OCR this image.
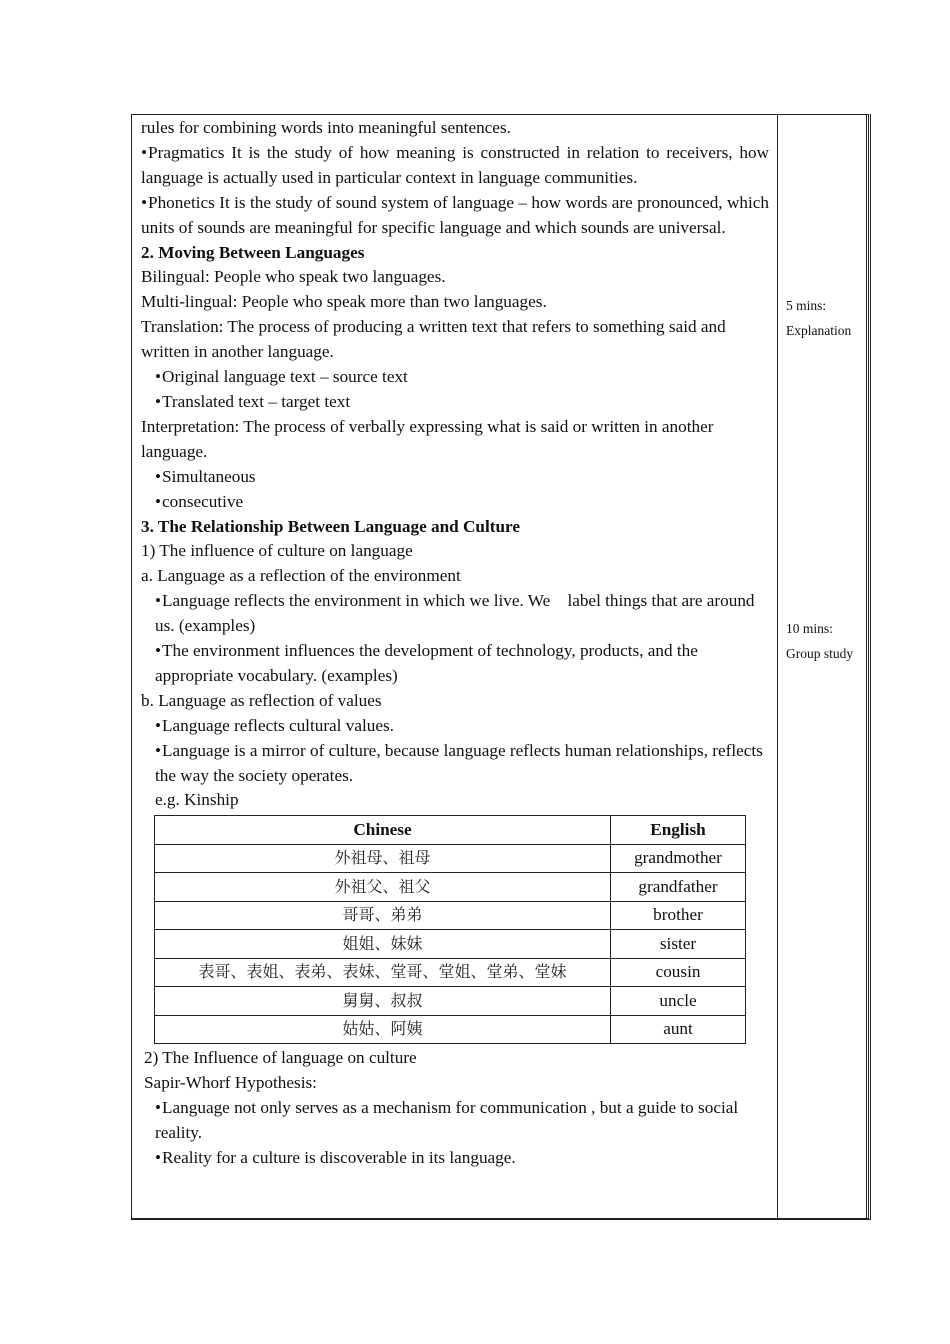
rules for combining words into meaningful sentences.

• Pragmatics It is the study of how meaning is constructed in relation to receivers, how language is actually used in particular context in language communities.

• Phonetics It is the study of sound system of language – how words are pronounced, which units of sounds are meaningful for specific language and which sounds are universal.

2. Moving Between Languages

Bilingual: People who speak two languages.

Multi-lingual: People who speak more than two languages.

Translation: The process of producing a written text that refers to something said and written in another language.

• Original language text – source text

• Translated text – target text

Interpretation: The process of verbally expressing what is said or written in another language.

• Simultaneous

• consecutive

3. The Relationship Between Language and Culture

1) The influence of culture on language

a. Language as a reflection of the environment

• Language reflects the environment in which we live. We    label things that are around us. (examples)

• The environment influences the development of technology, products, and the appropriate vocabulary. (examples)

b. Language as reflection of values

• Language reflects cultural values.

• Language is a mirror of culture, because language reflects human relationships, reflects the way the society operates.

e.g. Kinship

Chinese	English
外祖母、祖母	grandmother
外祖父、祖父	grandfather
哥哥、弟弟	brother
姐姐、妹妹	sister
表哥、表姐、表弟、表妹、堂哥、堂姐、堂弟、堂妹	cousin
舅舅、叔叔	uncle
姑姑、阿姨	aunt

2) The Influence of language on culture

Sapir-Whorf Hypothesis:

• Language not only serves as a mechanism for communication , but a guide to social reality.

• Reality for a culture is discoverable in its language.

5 mins:
Explanation
10 mins:
Group study
